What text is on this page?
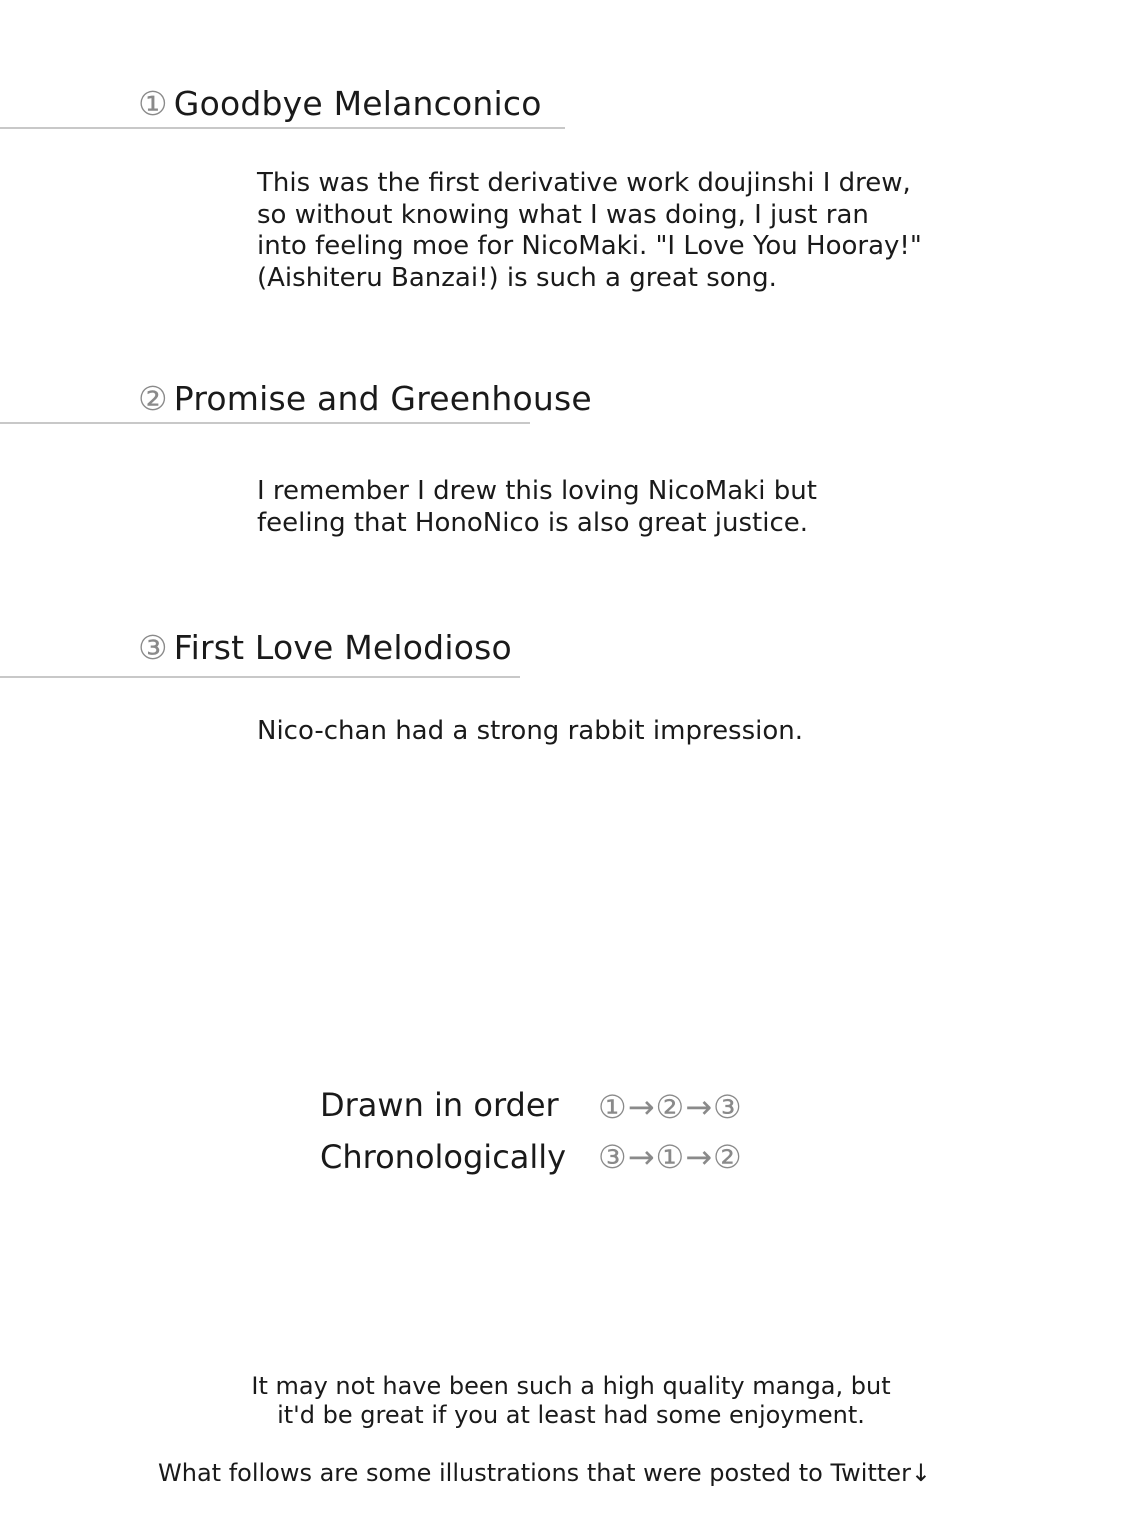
① Goodbye Melanconico
This was the first derivative work doujinshi I drew,
so without knowing what I was doing, I just ran
into feeling moe for NicoMaki. "I Love You Hooray!"
(Aishiteru Banzai!) is such a great song.
② Promise and Greenhouse
I remember I drew this loving NicoMaki but
feeling that HonoNico is also great justice.
③ First Love Melodioso
Nico-chan had a strong rabbit impression.
Drawn in order ①→②→③
Chronologically ③→①→②
It may not have been such a high quality manga, but
it'd be great if you at least had some enjoyment.
What follows are some illustrations that were posted to Twitter↓
